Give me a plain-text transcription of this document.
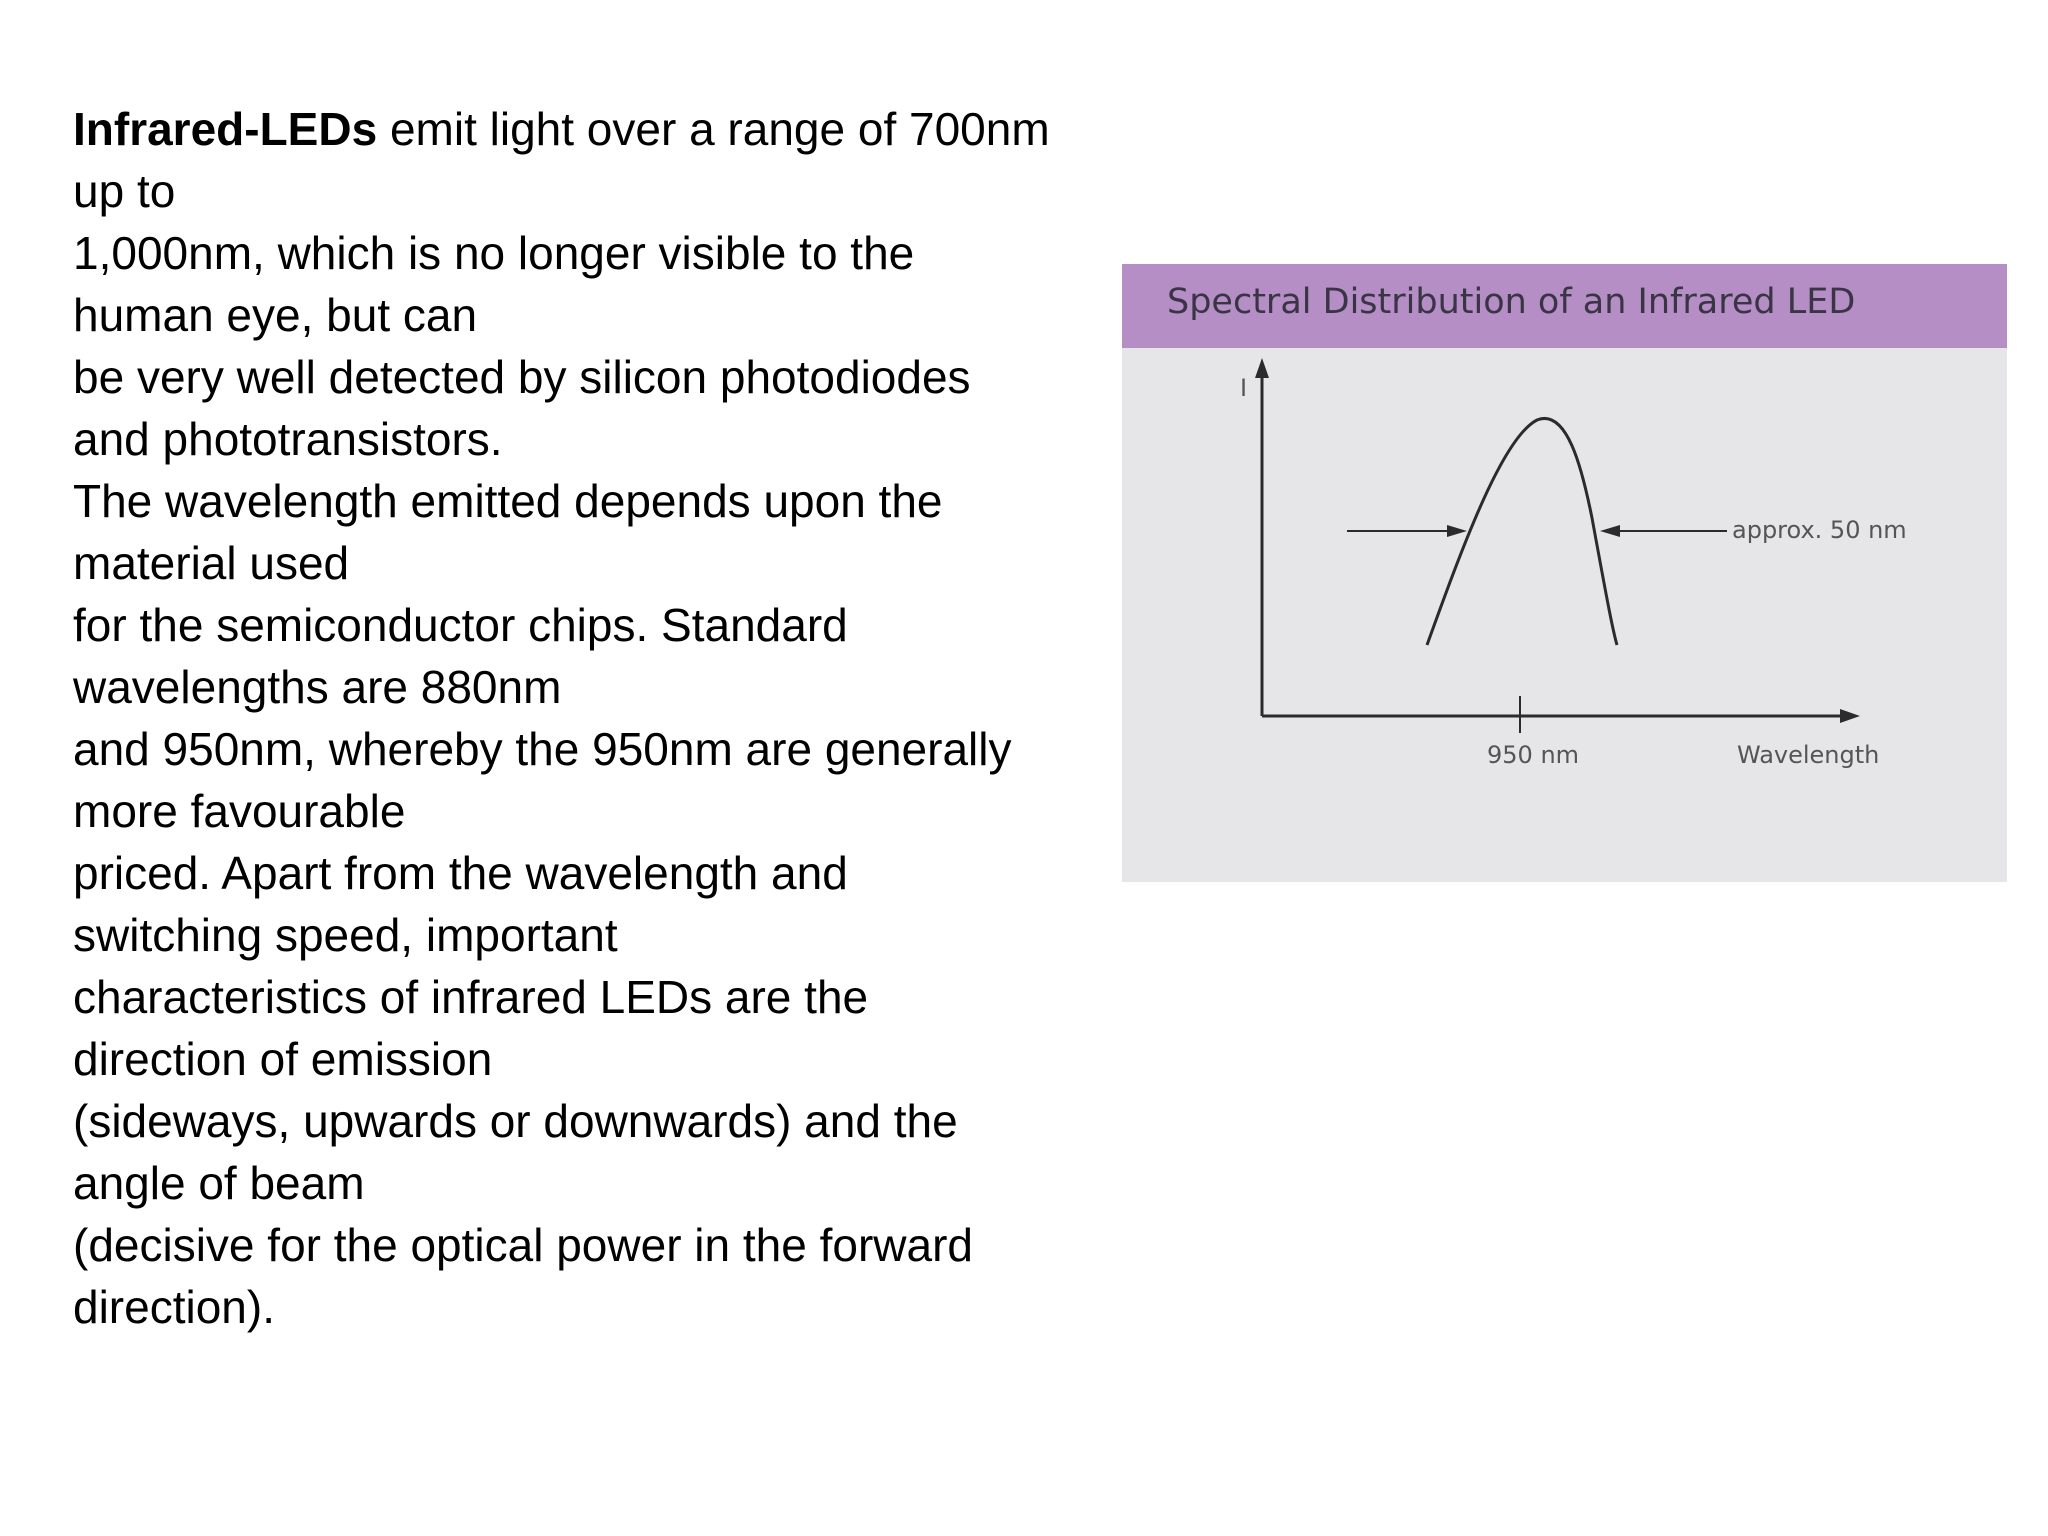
Infrared-LEDs emit light over a range of 700nm
up to
1,000nm, which is no longer visible to the
human eye, but can
be very well detected by silicon photodiodes
and phototransistors.
The wavelength emitted depends upon the
material used
for the semiconductor chips. Standard
wavelengths are 880nm
and 950nm, whereby the 950nm are generally
more favourable
priced. Apart from the wavelength and
switching speed, important
characteristics of infrared LEDs are the
direction of emission
(sideways, upwards or downwards) and the
angle of beam
(decisive for the optical power in the forward
direction).
Spectral Distribution of an Infrared LED
I
Wavelength
950 nm
approx. 50 nm
